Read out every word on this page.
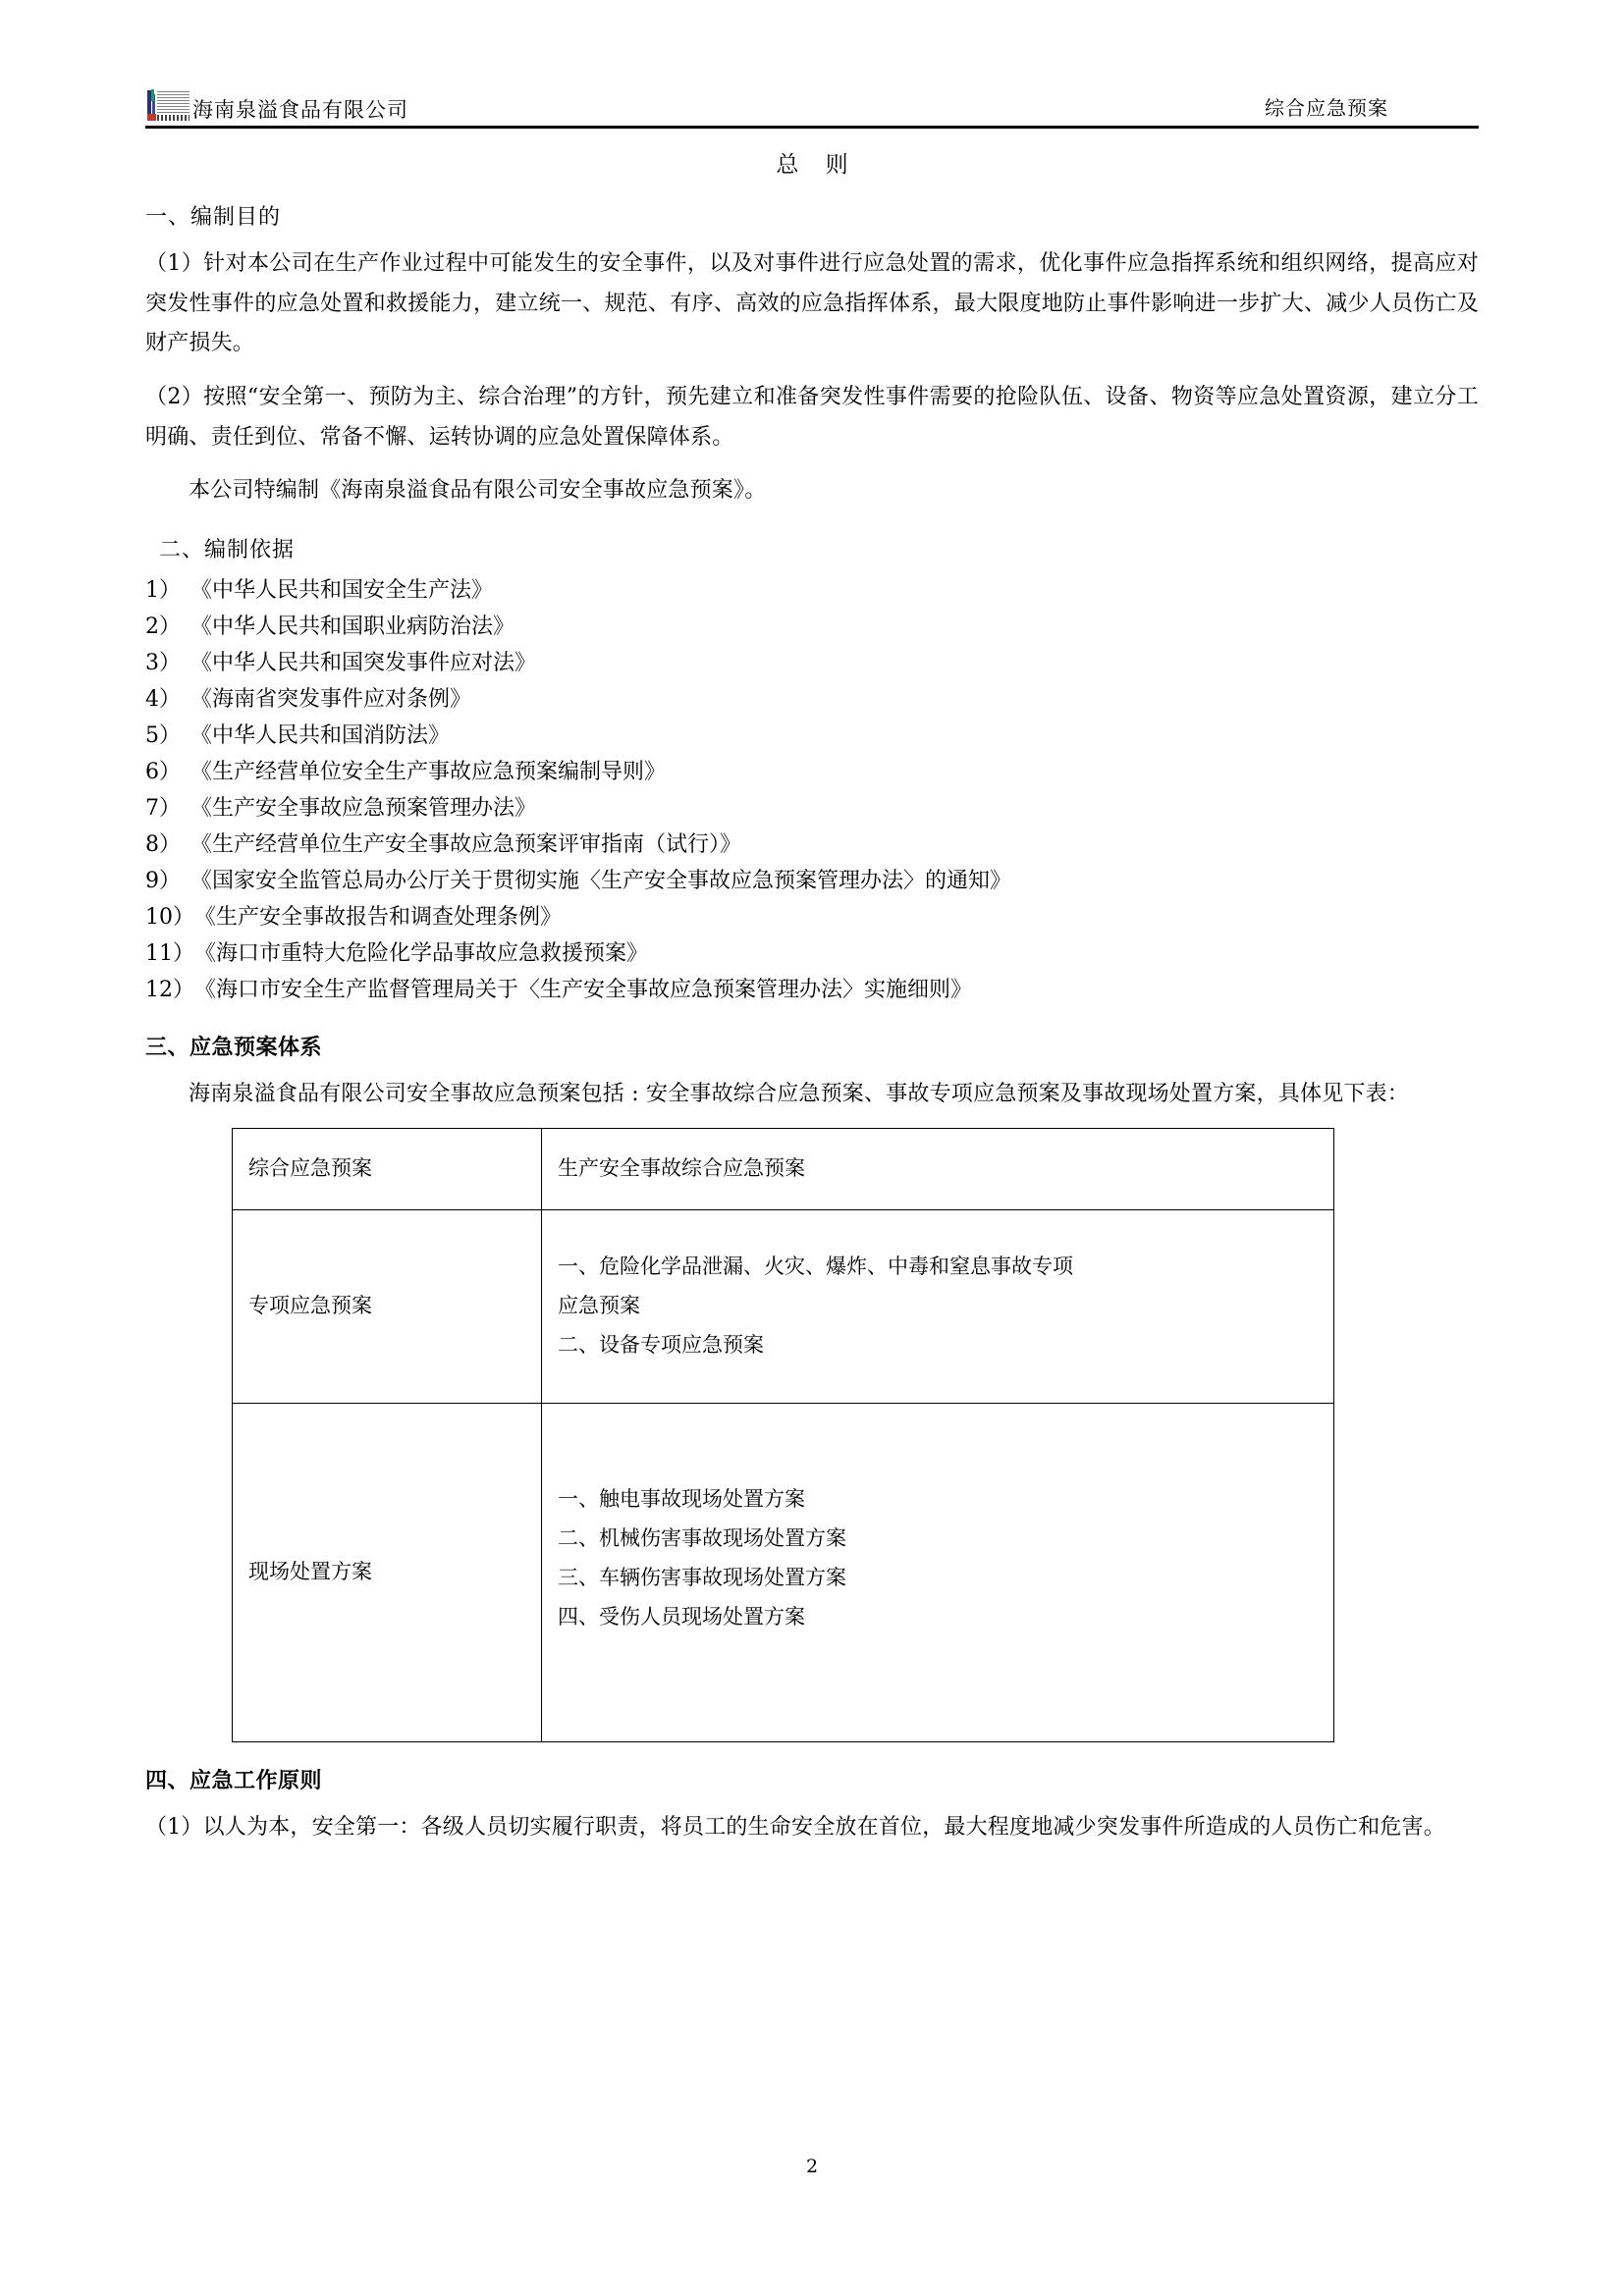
海南泉溢食品有限公司	综合应急预案
总 则
一、编制目的

（1）针对本公司在生产作业过程中可能发生的安全事件，以及对事件进行应急处置的需求，优化事件应急指挥系统和组织网络，提高应对突发性事件的应急处置和救援能力，建立统一、规范、有序、高效的应急指挥体系，最大限度地防止事件影响进一步扩大、减少人员伤亡及财产损失。

（2）按照“安全第一、预防为主、综合治理”的方针，预先建立和准备突发性事件需要的抢险队伍、设备、物资等应急处置资源，建立分工明确、责任到位、常备不懈、运转协调的应急处置保障体系。

本公司特编制《海南泉溢食品有限公司安全事故应急预案》。

二、编制依据
1） 《中华人民共和国安全生产法》
2） 《中华人民共和国职业病防治法》
3） 《中华人民共和国突发事件应对法》
4） 《海南省突发事件应对条例》
5） 《中华人民共和国消防法》
6） 《生产经营单位安全生产事故应急预案编制导则》
7） 《生产安全事故应急预案管理办法》
8） 《生产经营单位生产安全事故应急预案评审指南（试行）》
9） 《国家安全监管总局办公厅关于贯彻实施〈生产安全事故应急预案管理办法〉的通知》
10） 《生产安全事故报告和调查处理条例》
11） 《海口市重特大危险化学品事故应急救援预案》
12） 《海口市安全生产监督管理局关于〈生产安全事故应急预案管理办法〉实施细则》
三、应急预案体系

海南泉溢食品有限公司安全事故应急预案包括 : 安全事故综合应急预案、事故专项应急预案及事故现场处置方案，具体见下表：

综合应急预案	生产安全事故综合应急预案

专项应急预案	一、危险化学品泄漏、火灾、爆炸、中毒和窒息事故专项
应急预案
二、设备专项应急预案

现场处置方案	一、触电事故现场处置方案
二、机械伤害事故现场处置方案
三、车辆伤害事故现场处置方案
四、受伤人员现场处置方案
四、应急工作原则

（1）以人为本，安全第一：各级人员切实履行职责，将员工的生命安全放在首位，最大程度地减少突发事件所造成的人员伤亡和危害。

2
